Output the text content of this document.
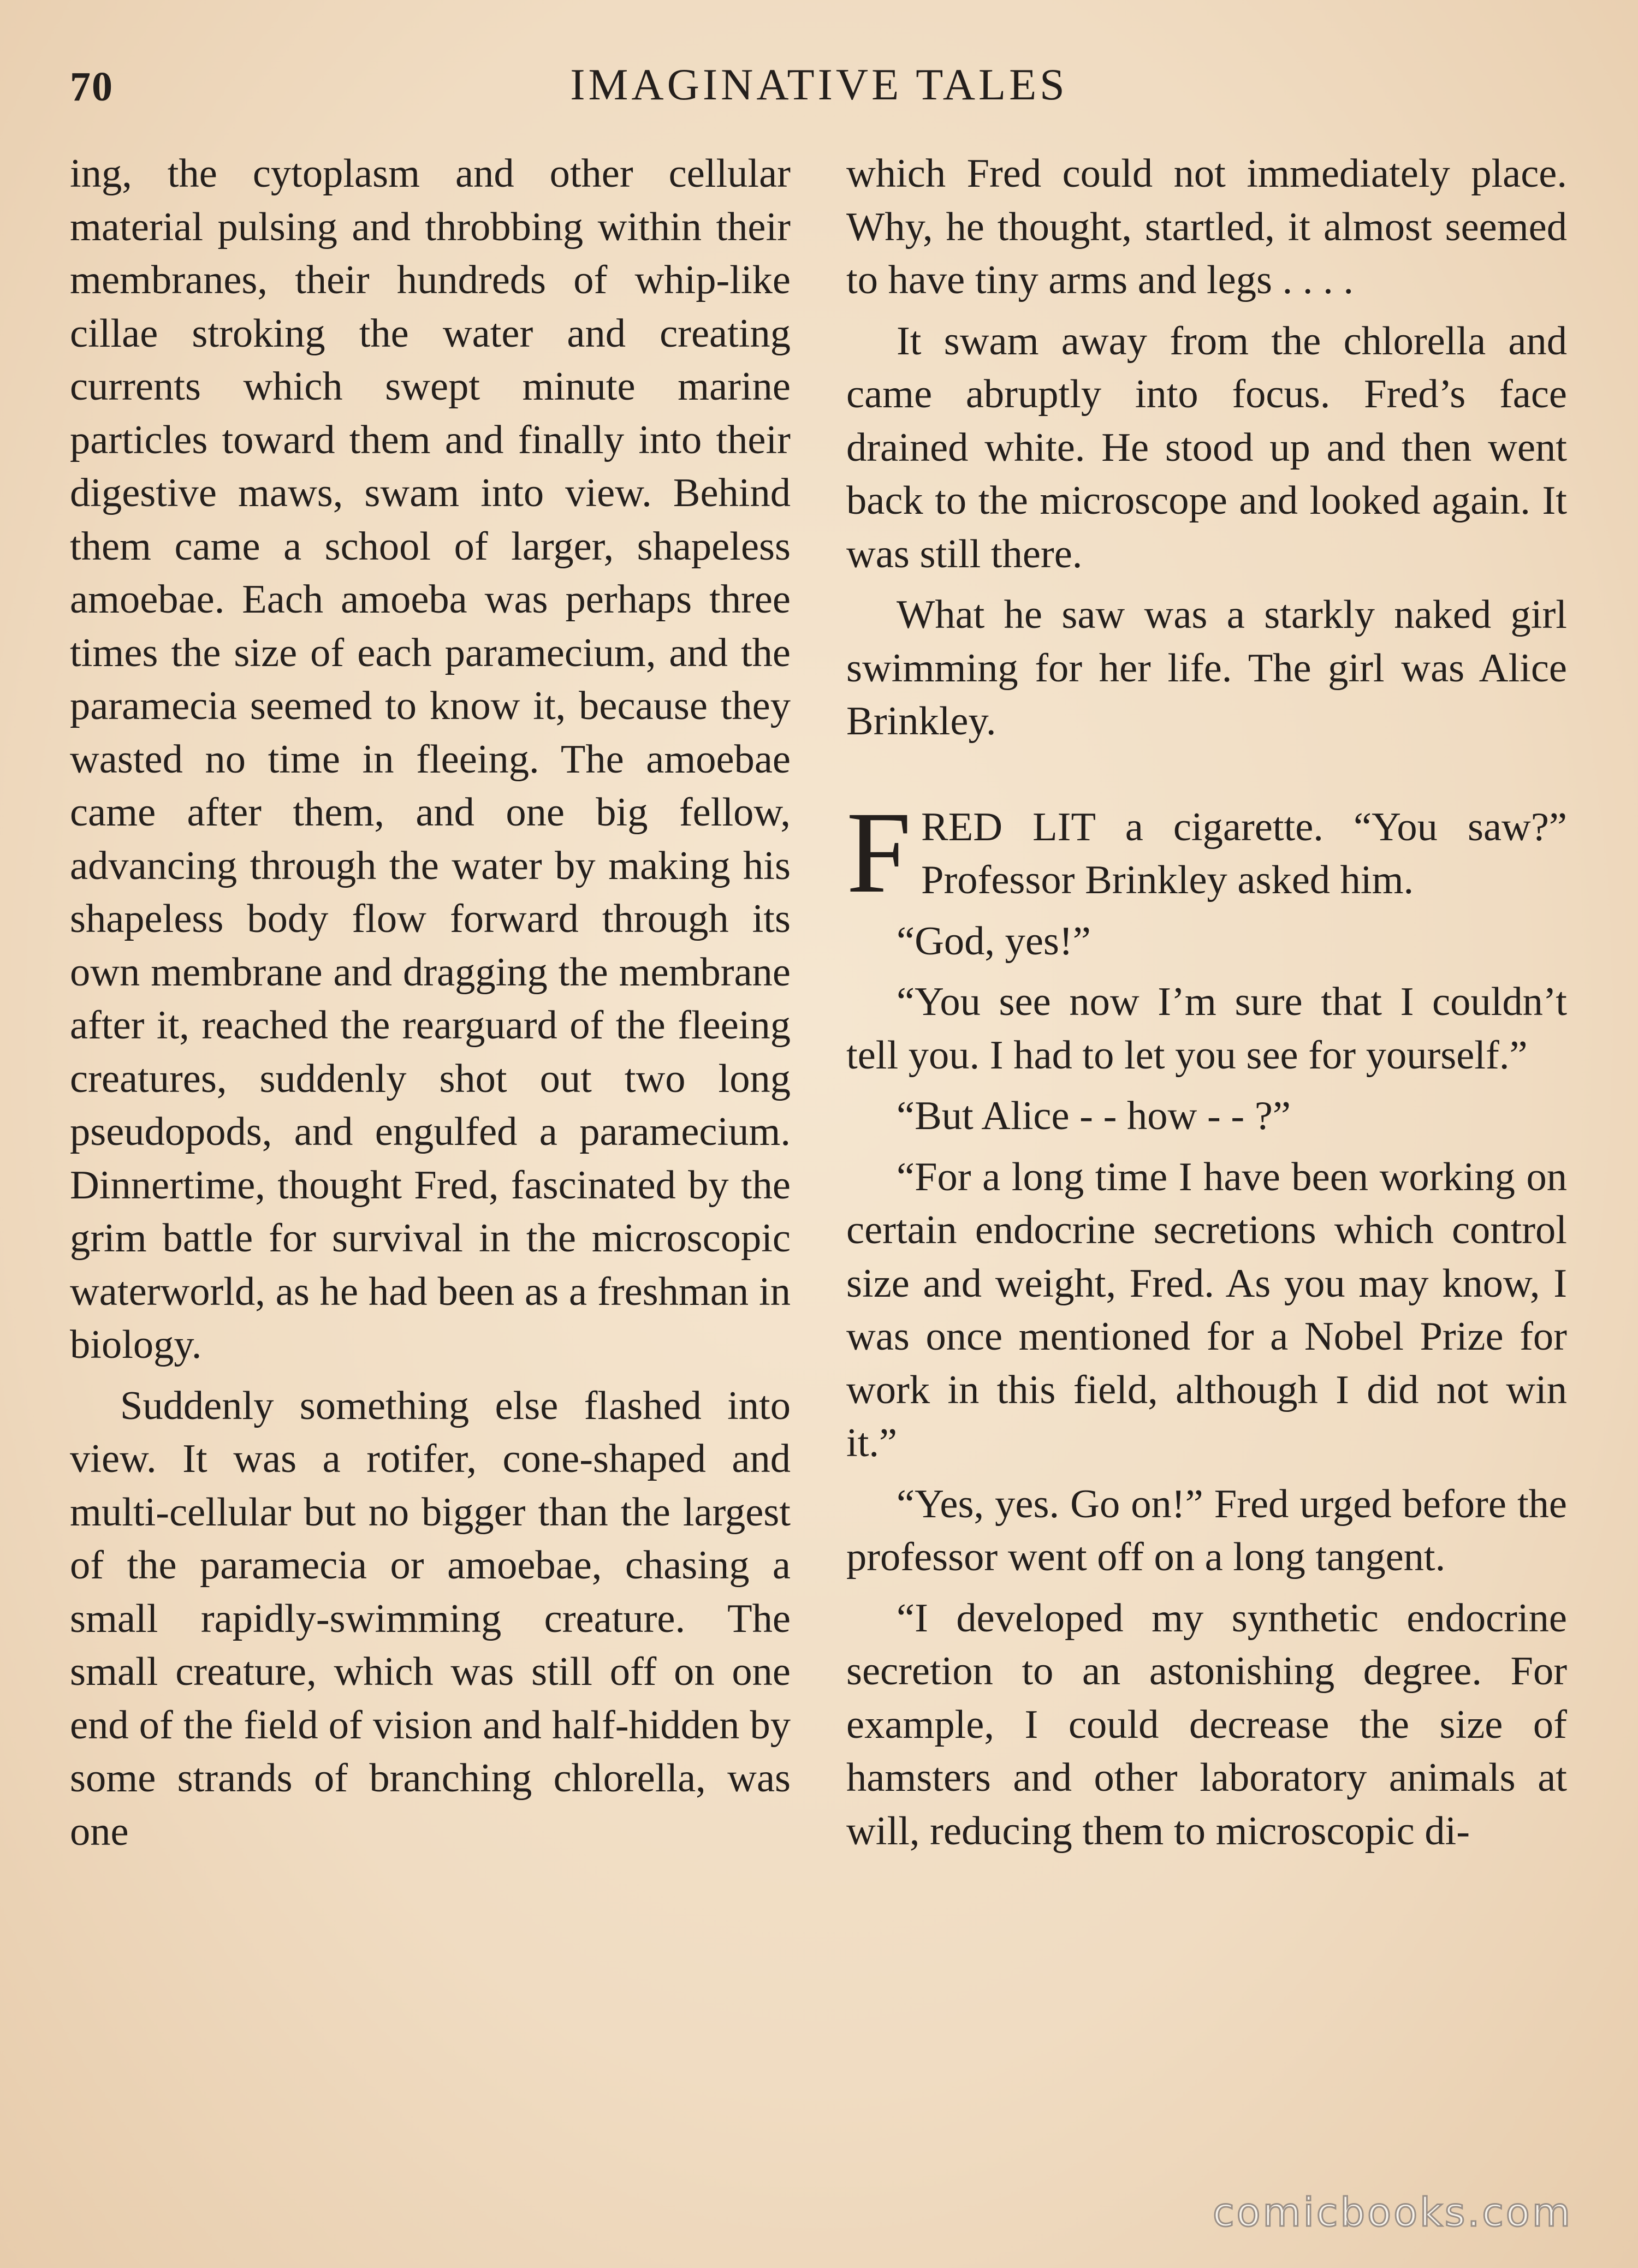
70	IMAGINATIVE TALES

ing, the cytoplasm and other cellular material pulsing and throbbing within their membranes, their hundreds of whip-like cillae stroking the water and creating currents which swept minute marine particles toward them and finally into their digestive maws, swam into view. Behind them came a school of larger, shapeless amoebae. Each amoeba was perhaps three times the size of each paramecium, and the paramecia seemed to know it, because they wasted no time in fleeing. The amoebae came after them, and one big fellow, advancing through the water by making his shapeless body flow forward through its own membrane and dragging the membrane after it, reached the rearguard of the fleeing creatures, suddenly shot out two long pseudopods, and engulfed a paramecium. Dinnertime, thought Fred, fascinated by the grim battle for survival in the microscopic waterworld, as he had been as a freshman in biology.

Suddenly something else flashed into view. It was a rotifer, cone-shaped and multi-cellular but no bigger than the largest of the paramecia or amoebae, chasing a small rapidly-swimming creature. The small creature, which was still off on one end of the field of vision and half-hidden by some strands of branching chlorella, was one

which Fred could not immediately place. Why, he thought, startled, it almost seemed to have tiny arms and legs . . . .

It swam away from the chlorella and came abruptly into focus. Fred’s face drained white. He stood up and then went back to the microscope and looked again. It was still there.

What he saw was a starkly naked girl swimming for her life. The girl was Alice Brinkley.

FRED LIT a cigarette. “You saw?” Professor Brinkley asked him.

“God, yes!”

“You see now I’m sure that I couldn’t tell you. I had to let you see for yourself.”

“But Alice - - how - - ?”

“For a long time I have been working on certain endocrine secretions which control size and weight, Fred. As you may know, I was once mentioned for a Nobel Prize for work in this field, although I did not win it.”

“Yes, yes. Go on!” Fred urged before the professor went off on a long tangent.

“I developed my synthetic endocrine secretion to an astonishing degree. For example, I could decrease the size of hamsters and other laboratory animals at will, reducing them to microscopic di-

comicbooks.com
